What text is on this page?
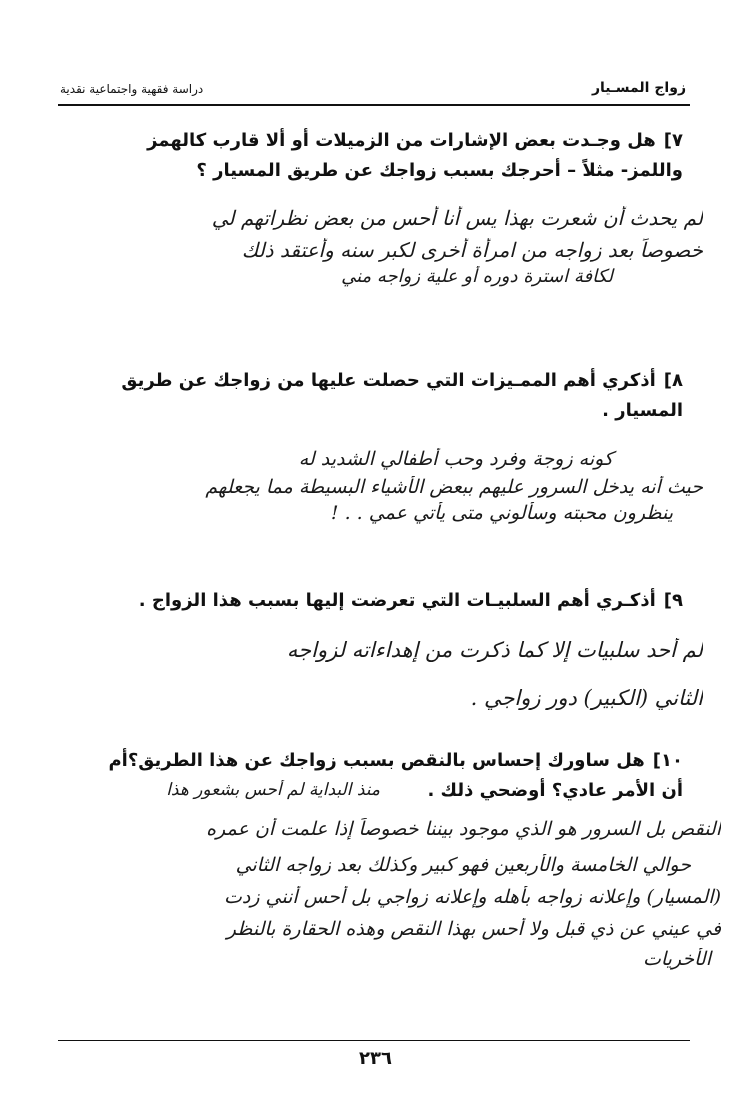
زواج المسـيار
دراسة فقهية واجتماعية نقدية
٧]هل وجـدت بعض الإشارات من الزميلات أو ألا قارب كالهمز واللمز- مثلاً – أحرجك بسبب زواجك عن طريق المسيار ؟
لم يحدث أن شعرت بهذا يس أنا أحس من بعض نظراتهم لي
خصوصاً بعد زواجه من امرأة أخرى لكبر سنه وأعتقد ذلك
لكافة استرة دوره أو علية زواجه مني
٨]أذكري أهم الممـيزات التي حصلت عليها من زواجك عن طريق المسيار .
كونه زوجة وفرد وحب أطفالي الشديد له
حيث أنه يدخل السرور عليهم ببعض الأشياء البسيطة مما يجعلهم
ينظرون محبته وسألوني متى يأتي عمي . . !
٩]أذكـري أهم السلبيـات التي تعرضت إليها بسبب هذا الزواج .
لم أحد سلبيات إلا كما ذكرت من إهداءاته لزواجه
الثاني (الكبير) دور زواجي .
١٠]هل ساورك إحساس بالنقص بسبب زواجك عن هذا الطريق؟أم أن الأمر عادي؟ أوضحي ذلك .
منذ البداية لم أحس بشعور هذا
النقص بل السرور هو الذي موجود بيننا خصوصاً إذا علمت أن عمره
حوالي الخامسة والأربعين فهو كبير وكذلك بعد زواجه الثاني
(المسيار) وإعلانه زواجه بأهله وإعلانه زواجي بل أحس أنني زدت
في عيني عن ذي قبل ولا أحس بهذا النقص وهذه الحقارة بالنظر
الأخريات
٢٣٦
